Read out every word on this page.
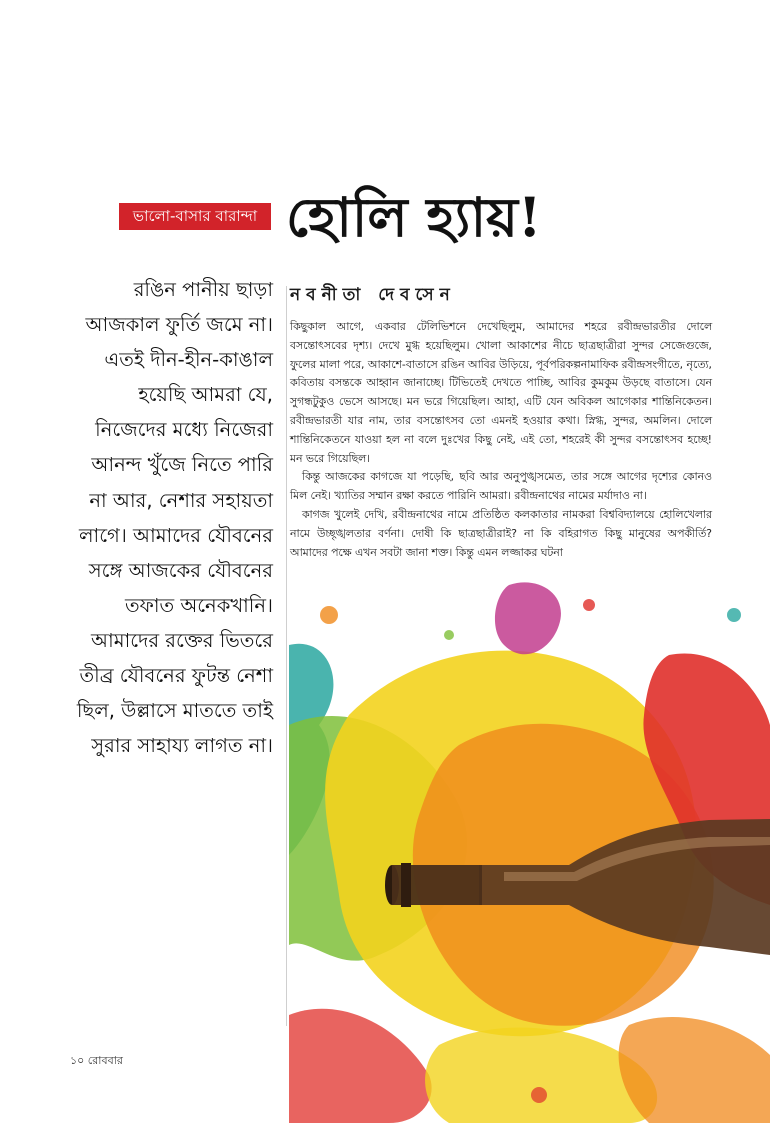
ভালো-বাসার বারান্দা হোলি হ্যায়!
নবনীতা দেবসেন

রঙিন পানীয় ছাড়া আজকাল ফুর্তি জমে না। এতই দীন-হীন-কাঙাল হয়েছি আমরা যে, নিজেদের মধ্যে নিজেরা আনন্দ খুঁজে নিতে পারি না আর, নেশার সহায়তা লাগে। আমাদের যৌবনের সঙ্গে আজকের যৌবনের তফাত অনেকখানি। আমাদের রক্তের ভিতরে তীব্র যৌবনের ফুটন্ত নেশা ছিল, উল্লাসে মাততে তাই সুরার সাহায্য লাগত না।

কিছুকাল আগে, একবার টেলিভিশনে দেখেছিলুম, আমাদের শহরে রবীন্দ্রভারতীর দোলে বসন্তোৎসবের দৃশ্য। দেখে মুগ্ধ হয়েছিলুম। খোলা আকাশের নীচে ছাত্রছাত্রীরা সুন্দর সেজেগুজে, ফুলের মালা পরে, আকাশে-বাতাসে রঙিন আবির উড়িয়ে, পূর্বপরিকল্পনামাফিক রবীন্দ্রসংগীতে, নৃত্যে, কবিতায় বসন্তকে আহ্বান জানাচ্ছে। টিভিতেই দেখতে পাচ্ছি, আবির কুমকুম উড়ছে বাতাসে। যেন সুগন্ধটুকুও ভেসে আসছে। মন ভরে গিয়েছিল। আহা, এটি যেন অবিকল আগেকার শান্তিনিকেতন। রবীন্দ্রভারতী যার নাম, তার বসন্তোৎসব তো এমনই হওয়ার কথা। স্নিগ্ধ, সুন্দর, অমলিন। দোলে শান্তিনিকেতনে যাওয়া হল না বলে দুঃখের কিছু নেই, এই তো, শহরেই কী সুন্দর বসন্তোৎসব হচ্ছে! মন ভরে গিয়েছিল।

কিন্তু আজকের কাগজে যা পড়েছি, ছবি আর অনুপুঙ্খসমেত, তার সঙ্গে আগের দৃশ্যের কোনও মিল নেই। খ্যাতির সম্মান রক্ষা করতে পারিনি আমরা। রবীন্দ্রনাথের নামের মর্যাদাও না।

কাগজ খুলেই দেখি, রবীন্দ্রনাথের নামে প্রতিষ্ঠিত কলকাতার নামকরা বিশ্ববিদ্যালয়ে হোলিখেলার নামে উচ্ছৃঙ্খলতার বর্ণনা। দোষী কি ছাত্রছাত্রীরাই? না কি বহিরাগত কিছু মানুষের অপকীর্তি? আমাদের পক্ষে এখন সবটা জানা শক্ত। কিন্তু এমন লজ্জাকর ঘটনা

১০ রোববার
